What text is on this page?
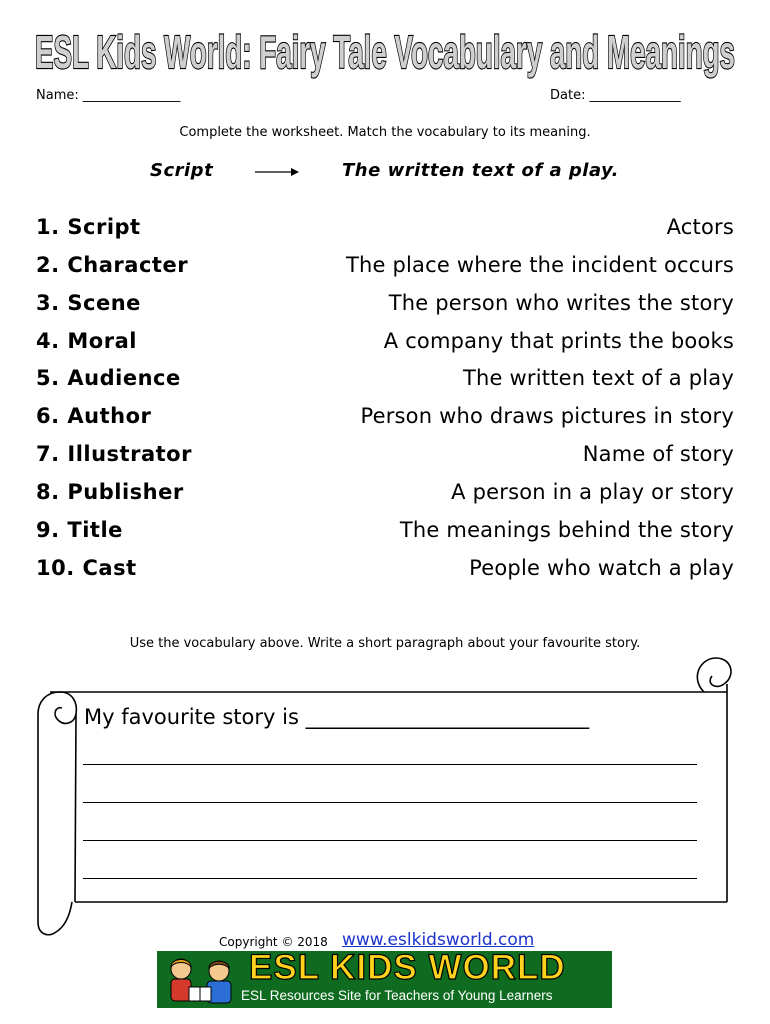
ESL Kids World: Fairy Tale Vocabulary and Meanings
Name: _______________	Date: ______________
Complete the worksheet. Match the vocabulary to its meaning.
Script	The written text of a play.
1. Script
2. Character
3. Scene
4. Moral
5. Audience
6. Author
7. Illustrator
8. Publisher
9. Title
10. Cast
Actors
The place where the incident occurs
The person who writes the story
A company that prints the books
The written text of a play
Person who draws pictures in story
Name of story
A person in a play or story
The meanings behind the story
People who watch a play
Use the vocabulary above. Write a short paragraph about your favourite story.
My favourite story is ___________________________
Copyright © 2018 www.eslkidsworld.com
ESL KIDS WORLD
ESL Resources Site for Teachers of Young Learners
